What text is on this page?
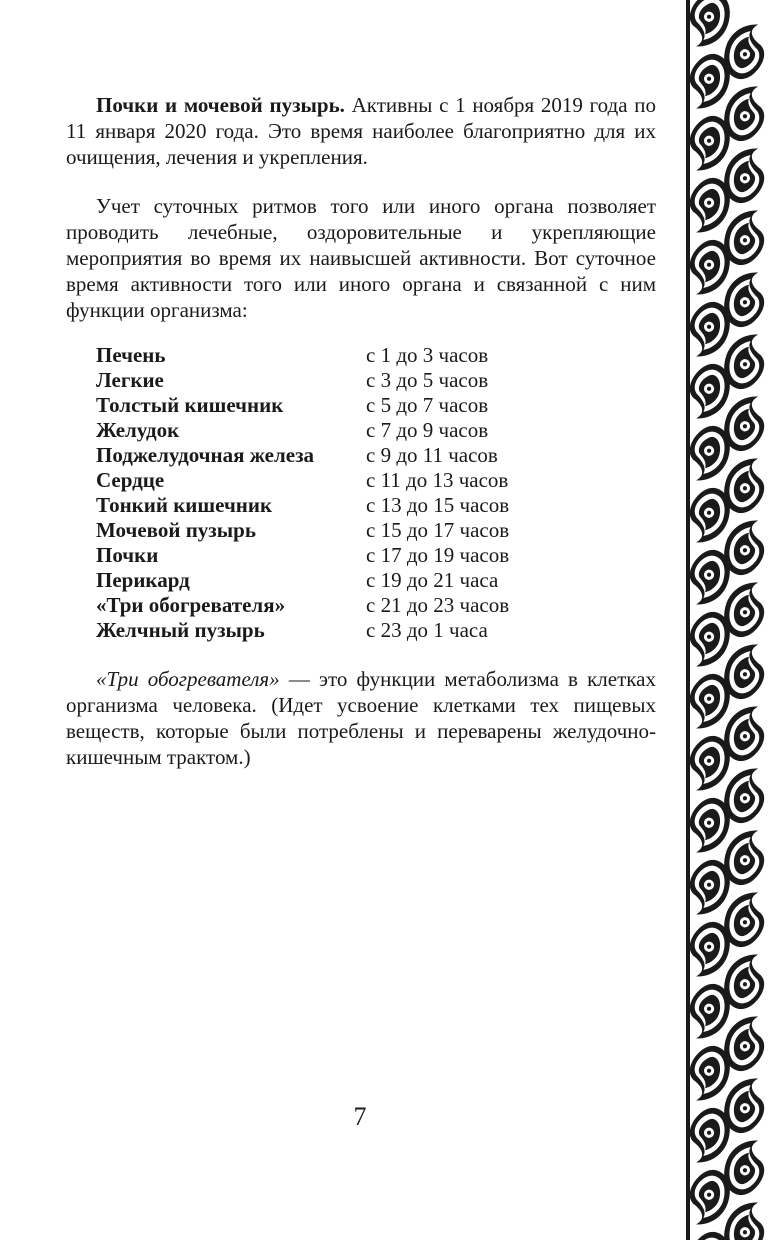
Почки и мочевой пузырь. Активны с 1 ноября 2019 года по 11 января 2020 года. Это время наиболее благоприятно для их очищения, лечения и укрепления.

Учет суточных ритмов того или иного органа позволяет проводить лечебные, оздоровительные и укрепляющие мероприятия во время их наивысшей активности. Вот суточное время активности того или иного органа и связанной с ним функции организма:

Печень	с 1 до 3 часов
Легкие	с 3 до 5 часов
Толстый кишечник	с 5 до 7 часов
Желудок	с 7 до 9 часов
Поджелудочная железа	с 9 до 11 часов
Сердце	с 11 до 13 часов
Тонкий кишечник	с 13 до 15 часов
Мочевой пузырь	с 15 до 17 часов
Почки	с 17 до 19 часов
Перикард	с 19 до 21 часа
«Три обогревателя»	с 21 до 23 часов
Желчный пузырь	с 23 до 1 часа

«Три обогревателя» — это функции метаболизма в клетках организма человека. (Идет усвоение клетками тех пищевых веществ, которые были потреблены и переварены желудочно-кишечным трактом.)

7
